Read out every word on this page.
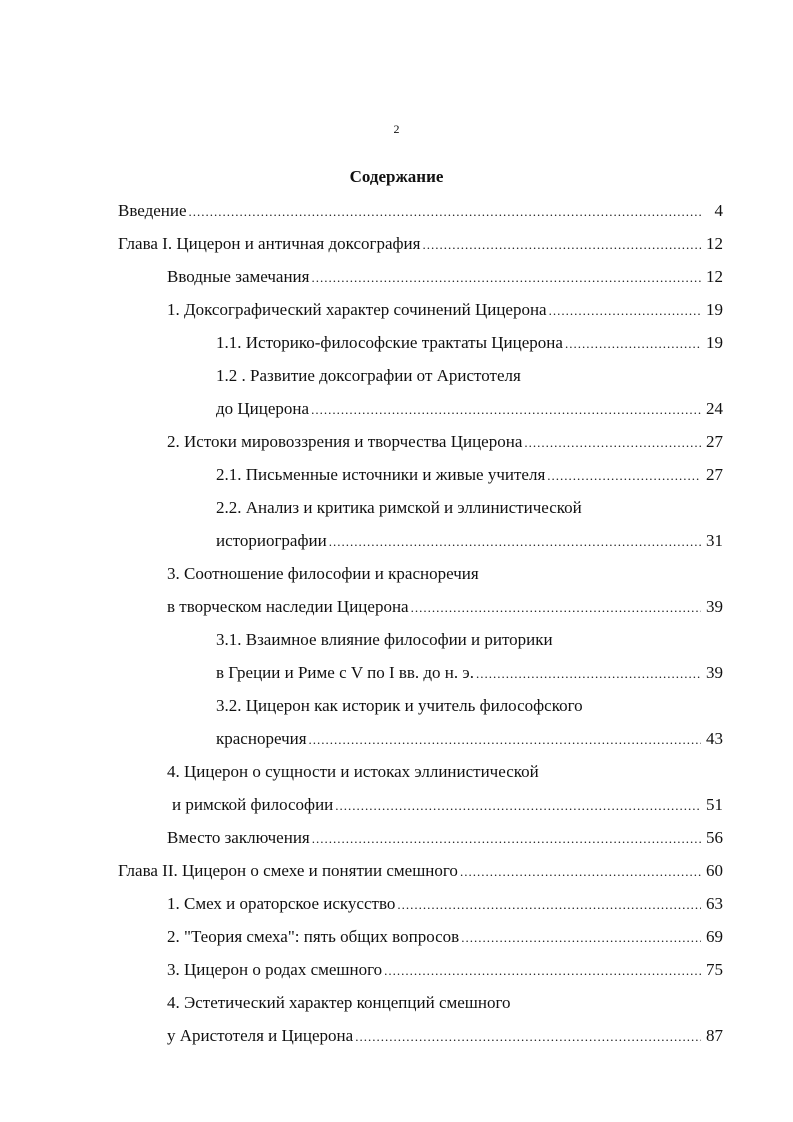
2
Содержание
Введение .....	4
Глава I. Цицерон и античная доксография .....	12
Вводные замечания .....	12
1. Доксографический характер сочинений Цицерона .....	19
1.1. Историко-философские трактаты Цицерона .....	19
1.2 . Развитие доксографии от Аристотеля
до Цицерона .....	24
2. Истоки мировоззрения и творчества Цицерона .....	27
2.1. Письменные источники и живые учителя .....	27
2.2. Анализ и критика римской и эллинистической
историографии .....	31
3. Соотношение философии и красноречия
в творческом наследии Цицерона .....	39
3.1. Взаимное влияние философии и риторики
в Греции и Риме с V по I вв. до н. э. .....	39
3.2. Цицерон как историк и учитель философского
красноречия .....	43
4. Цицерон о сущности и истоках эллинистической
и римской философии .....	51
Вместо заключения .....	56
Глава II. Цицерон о смехе и понятии смешного .....	60
1. Смех и ораторское искусство .....	63
2. "Теория смеха": пять общих вопросов .....	69
3. Цицерон о родах смешного .....	75
4. Эстетический характер концепций смешного
у Аристотеля и Цицерона .....	87
